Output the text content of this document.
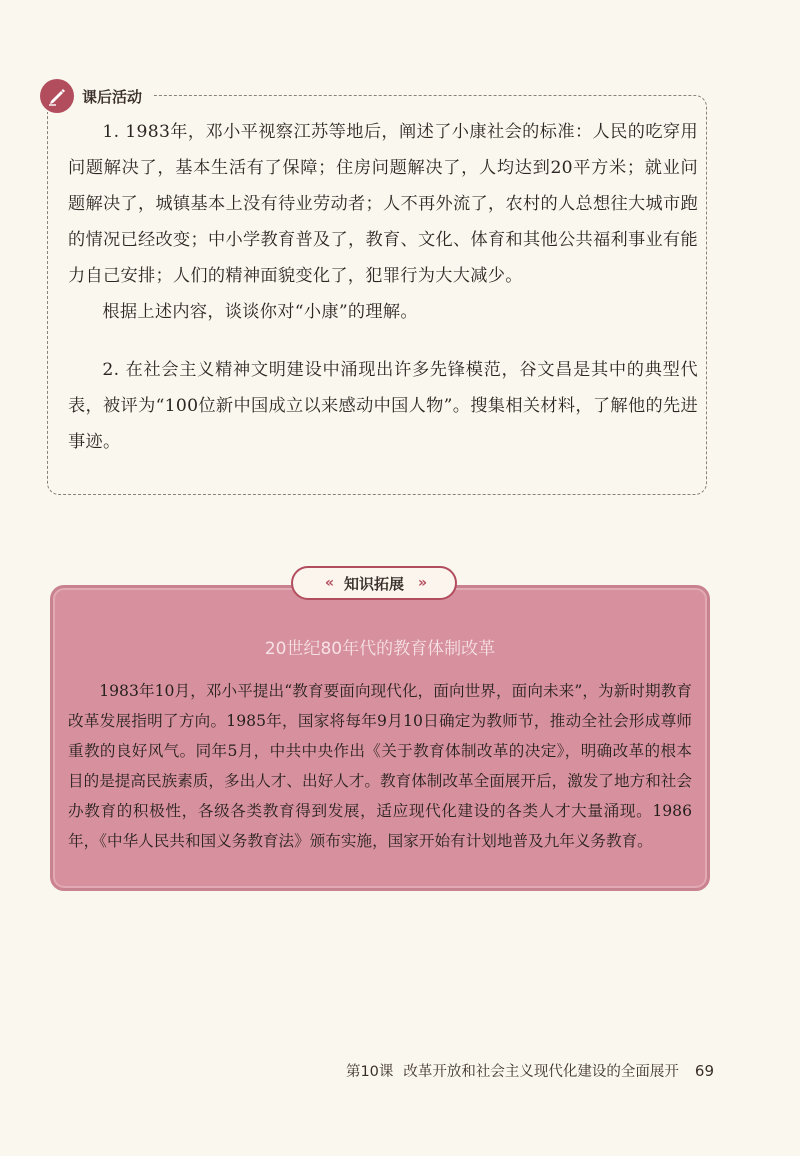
课后活动

1. 1983年，邓小平视察江苏等地后，阐述了小康社会的标准：人民的吃穿用问题解决了，基本生活有了保障；住房问题解决了，人均达到20平方米；就业问题解决了，城镇基本上没有待业劳动者；人不再外流了，农村的人总想往大城市跑的情况已经改变；中小学教育普及了，教育、文化、体育和其他公共福利事业有能力自己安排；人们的精神面貌变化了，犯罪行为大大减少。

根据上述内容，谈谈你对“小康”的理解。

2. 在社会主义精神文明建设中涌现出许多先锋模范，谷文昌是其中的典型代表，被评为“100位新中国成立以来感动中国人物”。搜集相关材料，了解他的先进事迹。

« 知识拓展 »
20世纪80年代的教育体制改革

1983年10月，邓小平提出“教育要面向现代化，面向世界，面向未来”，为新时期教育改革发展指明了方向。1985年，国家将每年9月10日确定为教师节，推动全社会形成尊师重教的良好风气。同年5月，中共中央作出《关于教育体制改革的决定》，明确改革的根本目的是提高民族素质，多出人才、出好人才。教育体制改革全面展开后，激发了地方和社会办教育的积极性，各级各类教育得到发展，适应现代化建设的各类人才大量涌现。1986年，《中华人民共和国义务教育法》颁布实施，国家开始有计划地普及九年义务教育。

第10课 改革开放和社会主义现代化建设的全面展开 69
